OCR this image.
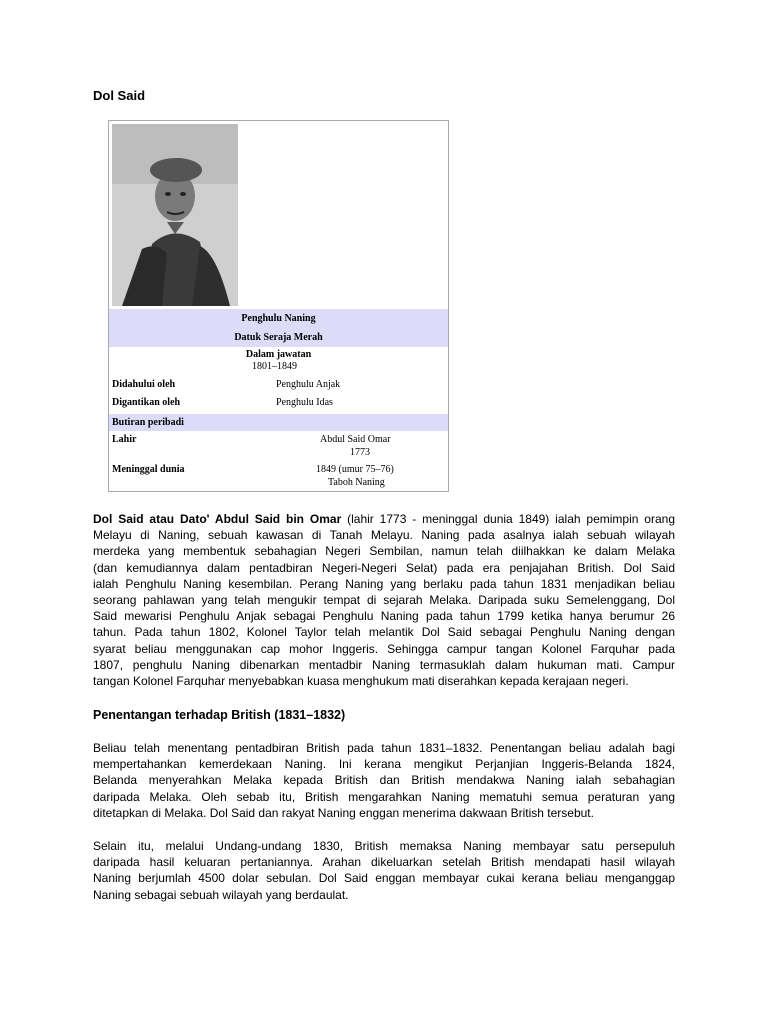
Dol Said
Penghulu Naning
Datuk Seraja Merah
Dalam jawatan
1801–1849
Didahului oleh	Penghulu Anjak
Digantikan oleh	Penghulu Idas
Butiran peribadi
Lahir	Abdul Said Omar
1773
Meninggal dunia	1849 (umur 75–76)
Taboh Naning
Dol Said atau Dato' Abdul Said bin Omar (lahir 1773 - meninggal dunia 1849) ialah pemimpin orang
Melayu di Naning, sebuah kawasan di Tanah Melayu. Naning pada asalnya ialah sebuah wilayah
merdeka yang membentuk sebahagian Negeri Sembilan, namun telah diilhakkan ke dalam Melaka
(dan kemudiannya dalam pentadbiran Negeri-Negeri Selat) pada era penjajahan British. Dol Said
ialah Penghulu Naning kesembilan. Perang Naning yang berlaku pada tahun 1831 menjadikan beliau
seorang pahlawan yang telah mengukir tempat di sejarah Melaka. Daripada suku Semelenggang, Dol
Said mewarisi Penghulu Anjak sebagai Penghulu Naning pada tahun 1799 ketika hanya berumur 26
tahun. Pada tahun 1802, Kolonel Taylor telah melantik Dol Said sebagai Penghulu Naning dengan
syarat beliau menggunakan cap mohor Inggeris. Sehingga campur tangan Kolonel Farquhar pada
1807, penghulu Naning dibenarkan mentadbir Naning termasuklah dalam hukuman mati. Campur
tangan Kolonel Farquhar menyebabkan kuasa menghukum mati diserahkan kepada kerajaan negeri.
Penentangan terhadap British (1831–1832)
Beliau telah menentang pentadbiran British pada tahun 1831–1832. Penentangan beliau adalah bagi
mempertahankan kemerdekaan Naning. Ini kerana mengikut Perjanjian Inggeris-Belanda 1824,
Belanda menyerahkan Melaka kepada British dan British mendakwa Naning ialah sebahagian
daripada Melaka. Oleh sebab itu, British mengarahkan Naning mematuhi semua peraturan yang
ditetapkan di Melaka. Dol Said dan rakyat Naning enggan menerima dakwaan British tersebut.
Selain itu, melalui Undang-undang 1830, British memaksa Naning membayar satu persepuluh
daripada hasil keluaran pertaniannya. Arahan dikeluarkan setelah British mendapati hasil wilayah
Naning berjumlah 4500 dolar sebulan. Dol Said enggan membayar cukai kerana beliau menganggap
Naning sebagai sebuah wilayah yang berdaulat.
